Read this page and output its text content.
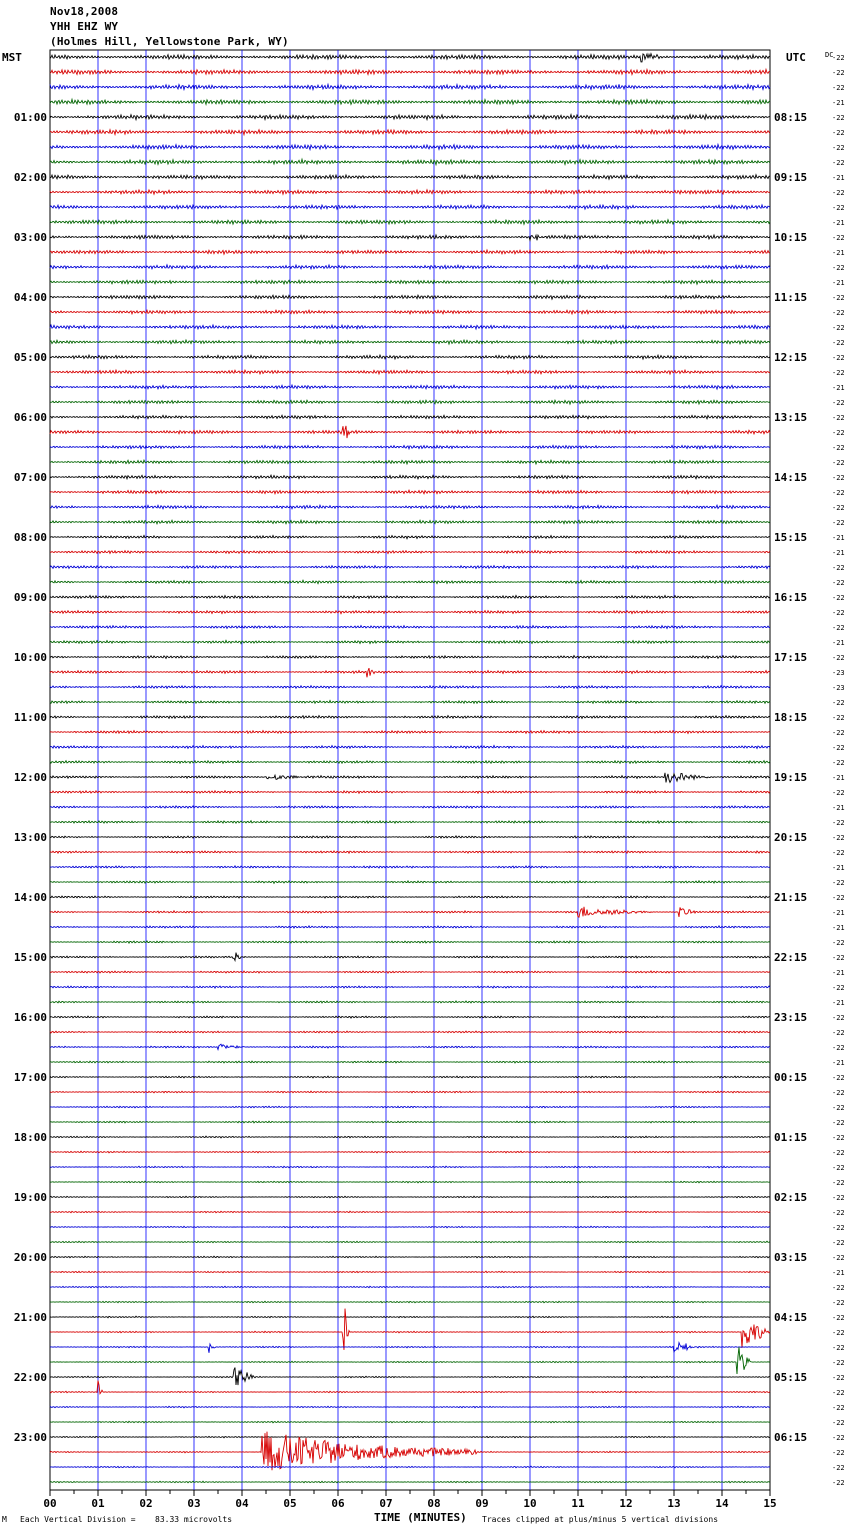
Nov18,2008
YHH EHZ WY
(Holmes Hill, Yellowstone Park, WY)
MST	UTC	DC
00	01	02	03	04	05	06	07	08	09	10	11	12	13	14	15
-22
-22
-22
-21
-22
01:00	08:15
-22
-22
-22
-21
02:00	09:15
-22
-22
-21
-22
03:00	10:15
-21
-22
-21
-22
04:00	11:15
-22
-22
-22
-22
05:00	12:15
-22
-21
-22
-22
06:00	13:15
-22
-22
-22
-22
07:00	14:15
-22
-22
-22
-21
08:00	15:15
-21
-22
-22
-22
09:00	16:15
-22
-22
-21
-22
10:00	17:15
-23
-23
-22
-22
11:00	18:15
-22
-22
-22
-21
12:00	19:15
-22
-21
-22
-22
13:00	20:15
-22
-21
-22
-22
14:00	21:15
-21
-21
-22
-22
15:00	22:15
-21
-22
-21
-22
16:00	23:15
-22
-22
-21
-22
17:00	00:15
-22
-22
-22
-22
18:00	01:15
-22
-22
-22
-22
19:00	02:15
-22
-22
-22
-22
20:00	03:15
-21
-22
-22
-22
21:00	04:15
-22
-22
-22
-22
22:00	05:15
-22
-22
-22
-22
23:00	06:15
-22
-22
-22
TIME (MINUTES)
M Each Vertical Division = 83.33 microvolts	Traces clipped at plus/minus 5 vertical divisions
